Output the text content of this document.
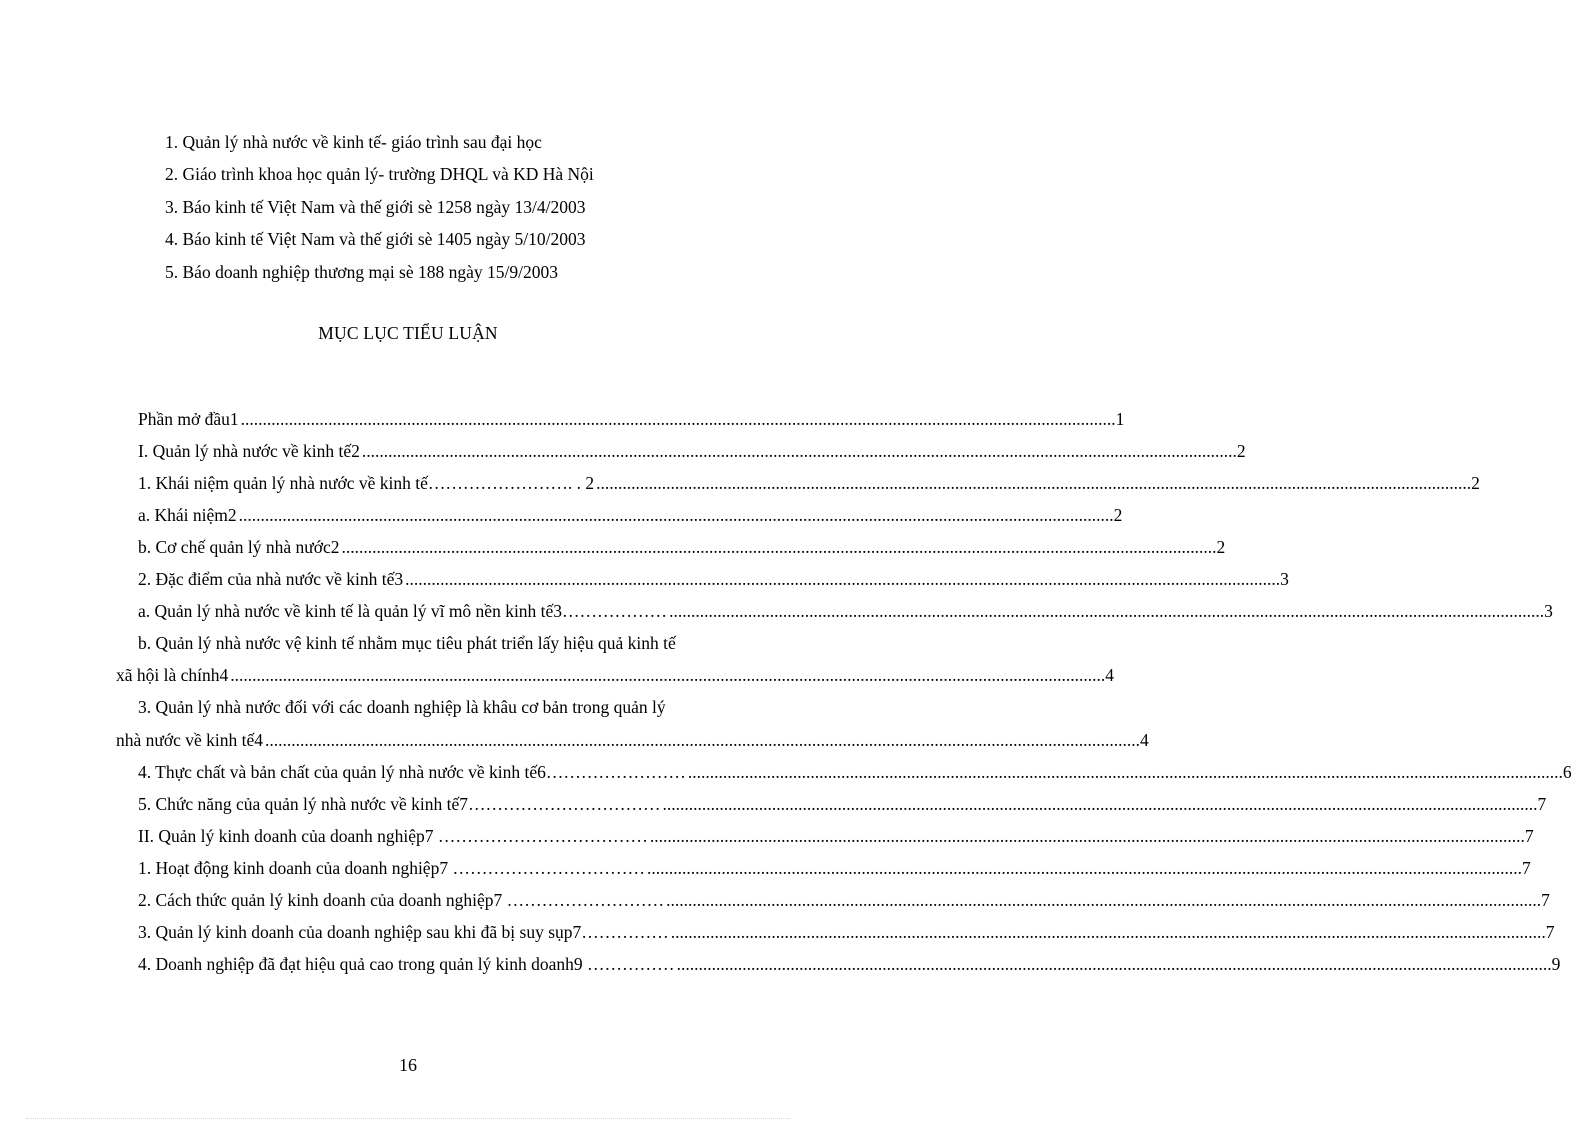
1. Quản lý nhà nước về kinh tế- giáo trình sau đại học
2. Giáo trình khoa học quản lý- trường DHQL và KD Hà Nội
3. Báo kinh tế Việt Nam và thế giới sè 1258 ngày 13/4/2003
4. Báo kinh tế Việt Nam và thế giới sè 1405 ngày 5/10/2003
5. Báo doanh nghiệp thương mại sè 188 ngày 15/9/2003
MỤC LỤC TIỂU LUẬN
Phần mở đầu1 ........................................................................................................................................................................................................ 1
I. Quản lý nhà nước về kinh tế2 ........................................................................................................................................................................................................ 2
1. Khái niệm quản lý nhà nước về kinh tế……………………. . 2 ........................................................................................................................................................................................................ 2
a. Khái niệm2 ........................................................................................................................................................................................................ 2
b. Cơ chế quản lý nhà nước2 ........................................................................................................................................................................................................ 2
2. Đặc điểm của nhà nước về kinh tế3 ........................................................................................................................................................................................................ 3
a. Quản lý nhà nước về kinh tế là quản lý vĩ mô nền kinh tế3……………… ........................................................................................................................................................................................................ 3
b. Quản lý nhà nước vệ kinh tế nhằm mục tiêu phát triển lấy hiệu quả kinh tế
xã hội là chính4 ........................................................................................................................................................................................................ 4
3. Quản lý nhà nước đối với các doanh nghiệp là khâu cơ bản trong quản lý
nhà nước về kinh tế4 ........................................................................................................................................................................................................ 4
4. Thực chất và bản chất của quản lý nhà nước về kinh tế6…………………… ........................................................................................................................................................................................................ 6
5. Chức năng của quản lý nhà nước về kinh tế7…………………………… ........................................................................................................................................................................................................ 7
II. Quản lý kinh doanh của doanh nghiệp7 ……………………………… ........................................................................................................................................................................................................ 7
1. Hoạt động kinh doanh của doanh nghiệp7 …………………………… ........................................................................................................................................................................................................ 7
2. Cách thức quản lý kinh doanh của doanh nghiệp7 ……………………… ........................................................................................................................................................................................................ 7
3. Quản lý kinh doanh của doanh nghiệp sau khi đã bị suy sụp7…………… ........................................................................................................................................................................................................ 7
4. Doanh nghiệp đã đạt hiệu quả cao trong quản lý kinh doanh9 …………… ........................................................................................................................................................................................................ 9
16
